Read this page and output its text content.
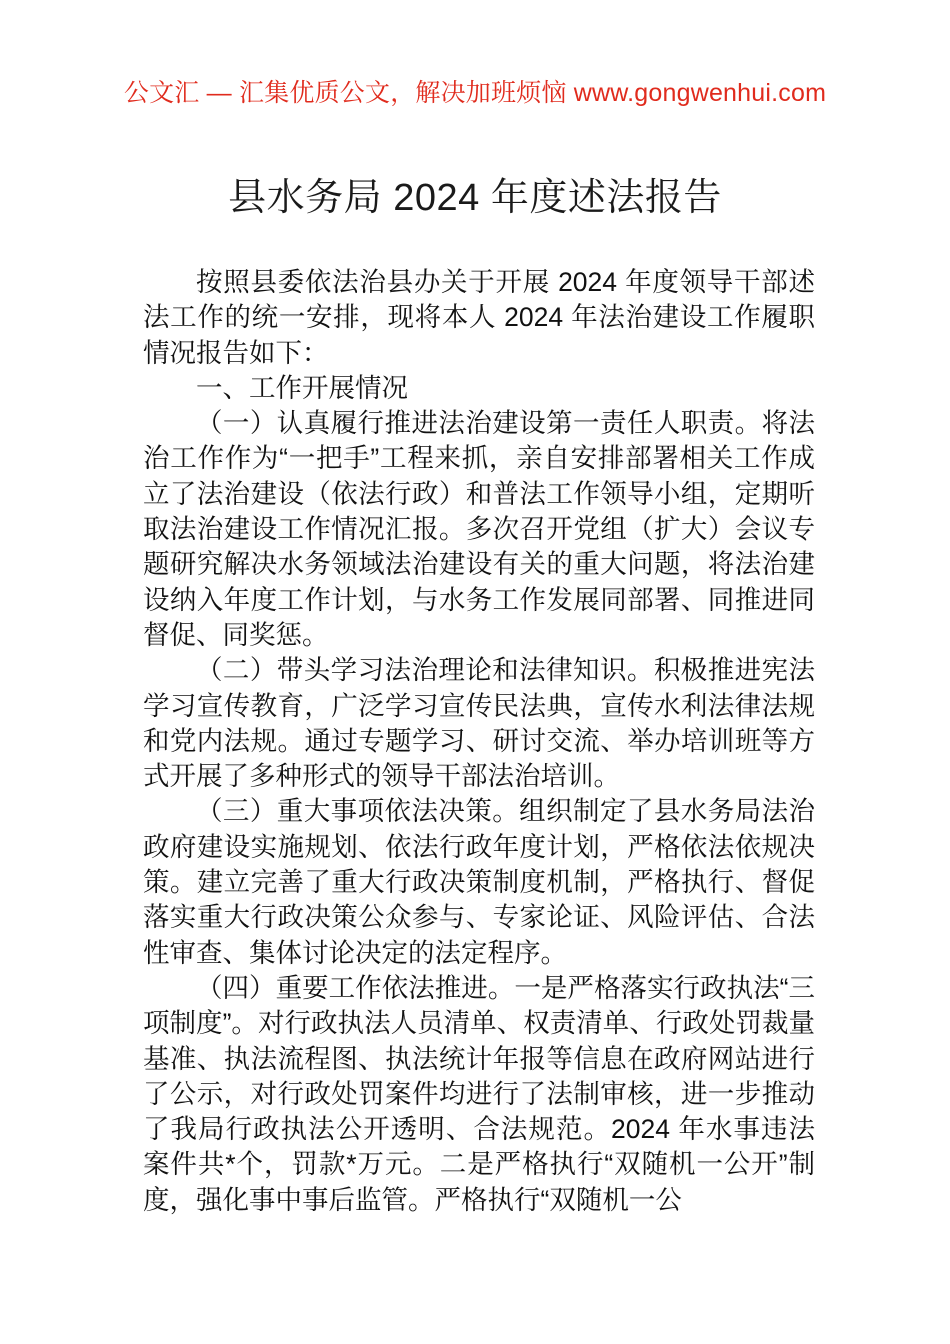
公文汇 — 汇集优质公文，解决加班烦恼 www.gongwenhui.com
县水务局 2024 年度述法报告

按照县委依法治县办关于开展 2024 年度领导干部述法工作的统一安排，现将本人 2024 年法治建设工作履职情况报告如下：

一、工作开展情况

（一）认真履行推进法治建设第一责任人职责。将法治工作作为“一把手”工程来抓，亲自安排部署相关工作成立了法治建设（依法行政）和普法工作领导小组，定期听取法治建设工作情况汇报。多次召开党组（扩大）会议专题研究解决水务领域法治建设有关的重大问题，将法治建设纳入年度工作计划，与水务工作发展同部署、同推进同督促、同奖惩。

（二）带头学习法治理论和法律知识。积极推进宪法学习宣传教育，广泛学习宣传民法典，宣传水利法律法规和党内法规。通过专题学习、研讨交流、举办培训班等方式开展了多种形式的领导干部法治培训。

（三）重大事项依法决策。组织制定了县水务局法治政府建设实施规划、依法行政年度计划，严格依法依规决策。建立完善了重大行政决策制度机制，严格执行、督促落实重大行政决策公众参与、专家论证、风险评估、合法性审查、集体讨论决定的法定程序。

（四）重要工作依法推进。一是严格落实行政执法“三项制度”。对行政执法人员清单、权责清单、行政处罚裁量基准、执法流程图、执法统计年报等信息在政府网站进行了公示，对行政处罚案件均进行了法制审核，进一步推动了我局行政执法公开透明、合法规范。2024 年水事违法案件共*个，罚款*万元。二是严格执行“双随机一公开”制度，强化事中事后监管。严格执行“双随机一公
